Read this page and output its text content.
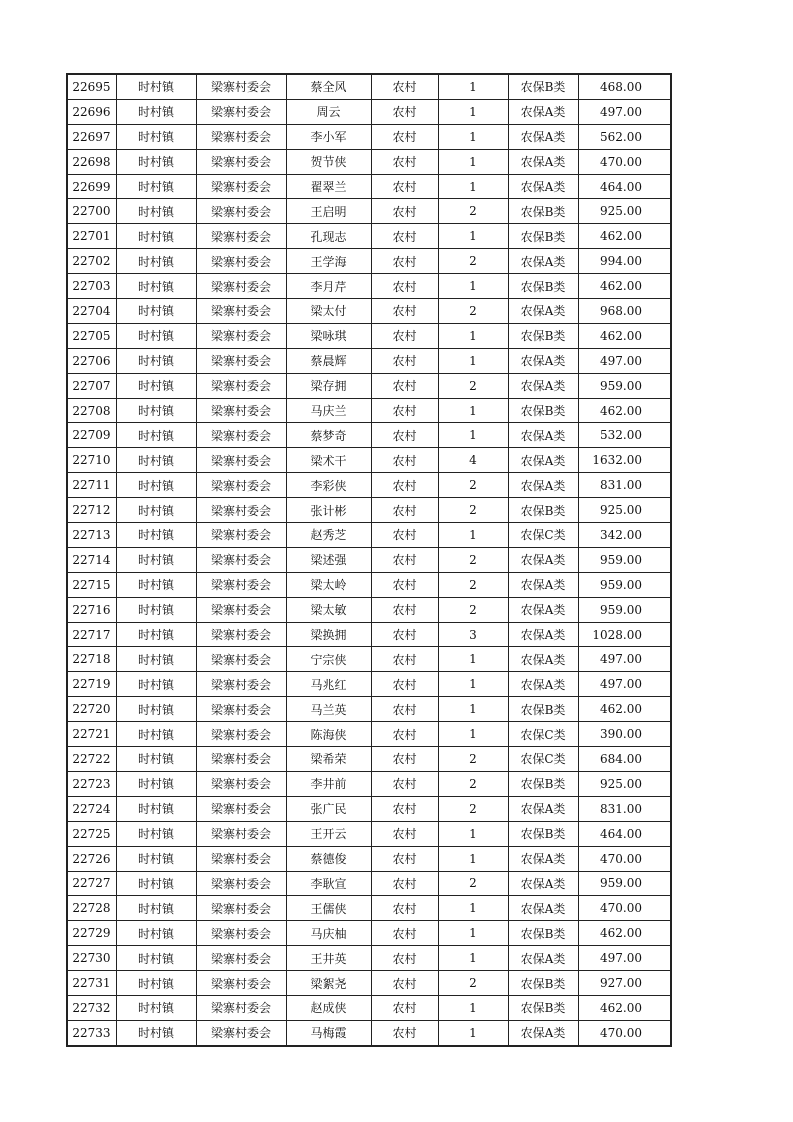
22695	时村镇	梁寨村委会	蔡全风	农村	1	农保B类	468.00
22696	时村镇	梁寨村委会	周云	农村	1	农保A类	497.00
22697	时村镇	梁寨村委会	李小军	农村	1	农保A类	562.00
22698	时村镇	梁寨村委会	贺节侠	农村	1	农保A类	470.00
22699	时村镇	梁寨村委会	翟翠兰	农村	1	农保A类	464.00
22700	时村镇	梁寨村委会	王启明	农村	2	农保B类	925.00
22701	时村镇	梁寨村委会	孔现志	农村	1	农保B类	462.00
22702	时村镇	梁寨村委会	王学海	农村	2	农保A类	994.00
22703	时村镇	梁寨村委会	李月芹	农村	1	农保B类	462.00
22704	时村镇	梁寨村委会	梁太付	农村	2	农保A类	968.00
22705	时村镇	梁寨村委会	梁咏琪	农村	1	农保B类	462.00
22706	时村镇	梁寨村委会	蔡晨辉	农村	1	农保A类	497.00
22707	时村镇	梁寨村委会	梁存拥	农村	2	农保A类	959.00
22708	时村镇	梁寨村委会	马庆兰	农村	1	农保B类	462.00
22709	时村镇	梁寨村委会	蔡梦奇	农村	1	农保A类	532.00
22710	时村镇	梁寨村委会	梁术干	农村	4	农保A类	1632.00
22711	时村镇	梁寨村委会	李彩侠	农村	2	农保A类	831.00
22712	时村镇	梁寨村委会	张计彬	农村	2	农保B类	925.00
22713	时村镇	梁寨村委会	赵秀芝	农村	1	农保C类	342.00
22714	时村镇	梁寨村委会	梁述强	农村	2	农保A类	959.00
22715	时村镇	梁寨村委会	梁太岭	农村	2	农保A类	959.00
22716	时村镇	梁寨村委会	梁太敏	农村	2	农保A类	959.00
22717	时村镇	梁寨村委会	梁换拥	农村	3	农保A类	1028.00
22718	时村镇	梁寨村委会	宁宗侠	农村	1	农保A类	497.00
22719	时村镇	梁寨村委会	马兆红	农村	1	农保A类	497.00
22720	时村镇	梁寨村委会	马兰英	农村	1	农保B类	462.00
22721	时村镇	梁寨村委会	陈海侠	农村	1	农保C类	390.00
22722	时村镇	梁寨村委会	梁希荣	农村	2	农保C类	684.00
22723	时村镇	梁寨村委会	李井前	农村	2	农保B类	925.00
22724	时村镇	梁寨村委会	张广民	农村	2	农保A类	831.00
22725	时村镇	梁寨村委会	王开云	农村	1	农保B类	464.00
22726	时村镇	梁寨村委会	蔡德俊	农村	1	农保A类	470.00
22727	时村镇	梁寨村委会	李耿宣	农村	2	农保A类	959.00
22728	时村镇	梁寨村委会	王儒侠	农村	1	农保A类	470.00
22729	时村镇	梁寨村委会	马庆柚	农村	1	农保B类	462.00
22730	时村镇	梁寨村委会	王井英	农村	1	农保A类	497.00
22731	时村镇	梁寨村委会	梁絮尧	农村	2	农保B类	927.00
22732	时村镇	梁寨村委会	赵成侠	农村	1	农保B类	462.00
22733	时村镇	梁寨村委会	马梅霞	农村	1	农保A类	470.00
